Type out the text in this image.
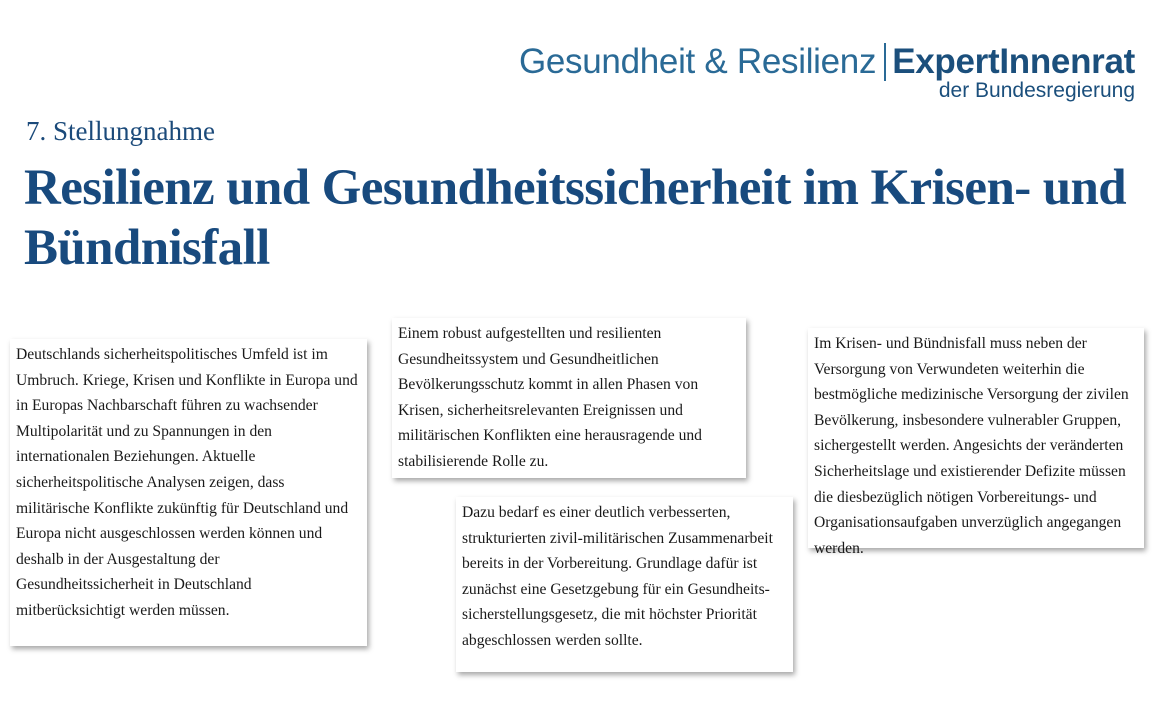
Gesundheit & Resilienz ExpertInnenrat
der Bundesregierung
7. Stellungnahme
Resilienz und Gesundheitssicherheit im Krisen- und Bündnisfall
Deutschlands sicherheitspolitisches Umfeld ist im Umbruch. Kriege, Krisen und Konflikte in Europa und in Europas Nachbarschaft führen zu wachsender Multipolarität und zu Spannungen in den internationalen Beziehungen. Aktuelle sicherheitspolitische Analysen zeigen, dass militärische Konflikte zukünftig für Deutschland und Europa nicht ausgeschlossen werden können und deshalb in der Ausgestaltung der Gesundheitssicherheit in Deutschland mitberücksichtigt werden müssen.
Einem robust aufgestellten und resilienten Gesundheitssystem und Gesundheitlichen Bevölkerungsschutz kommt in allen Phasen von Krisen, sicherheitsrelevanten Ereignissen und militärischen Konflikten eine herausragende und stabilisierende Rolle zu.
Dazu bedarf es einer deutlich verbesserten, strukturierten zivil-militärischen Zusammenarbeit bereits in der Vorbereitung. Grundlage dafür ist zunächst eine Gesetzgebung für ein Gesundheits-sicherstellungsgesetz, die mit höchster Priorität abgeschlossen werden sollte.
Im Krisen- und Bündnisfall muss neben der Versorgung von Verwundeten weiterhin die bestmögliche medizinische Versorgung der zivilen Bevölkerung, insbesondere vulnerabler Gruppen, sichergestellt werden. Angesichts der veränderten Sicherheitslage und existierender Defizite müssen die diesbezüglich nötigen Vorbereitungs- und Organisationsaufgaben unverzüglich angegangen werden.
